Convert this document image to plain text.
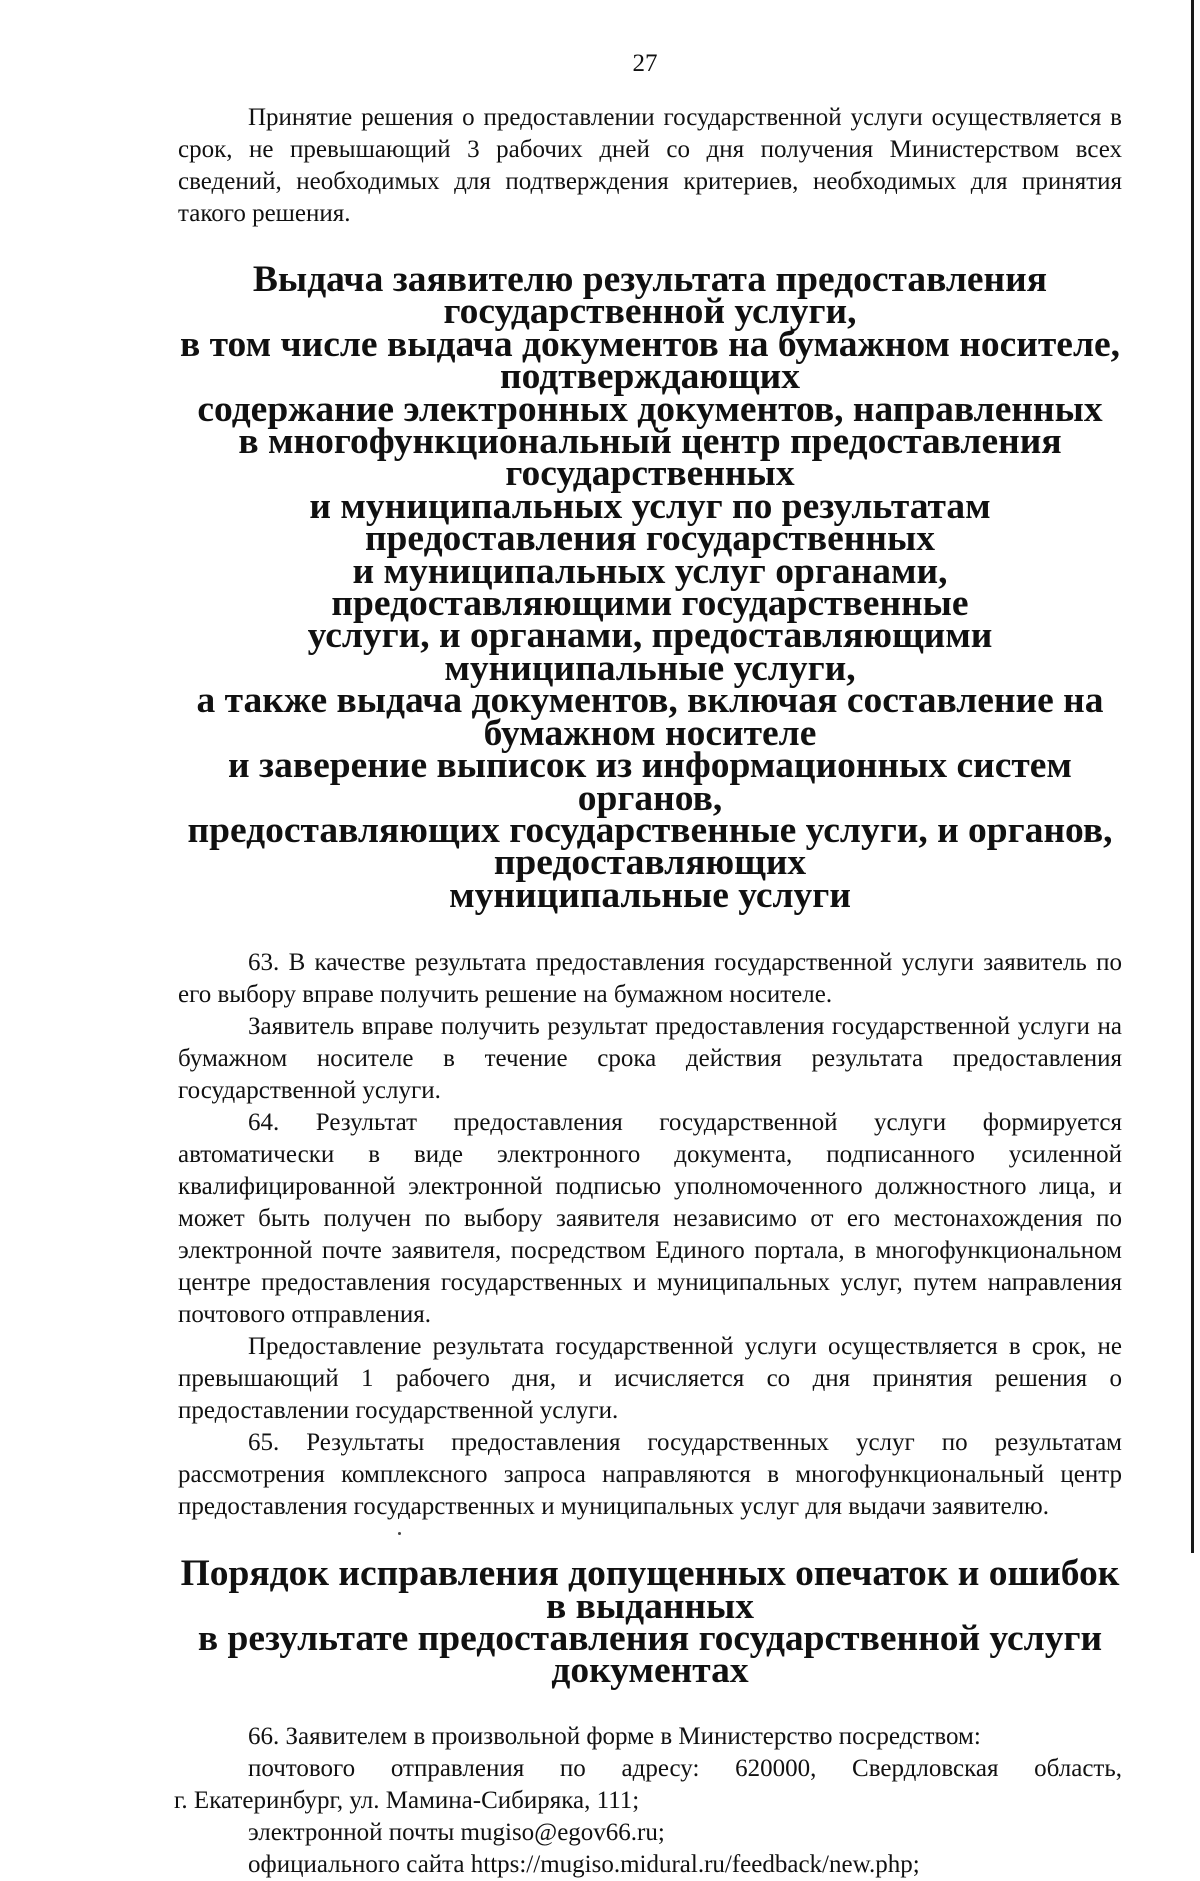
27

Принятие решения о предоставлении государственной услуги осуществляется в срок, не превышающий 3 рабочих дней со дня получения Министерством всех сведений, необходимых для подтверждения критериев, необходимых для принятия такого решения.

Выдача заявителю результата предоставления государственной услуги,
в том числе выдача документов на бумажном носителе, подтверждающих
содержание электронных документов, направленных
в многофункциональный центр предоставления государственных
и муниципальных услуг по результатам предоставления государственных
и муниципальных услуг органами, предоставляющими государственные
услуги, и органами, предоставляющими муниципальные услуги,
а также выдача документов, включая составление на бумажном носителе
и заверение выписок из информационных систем органов,
предоставляющих государственные услуги, и органов, предоставляющих
муниципальные услуги

63. В качестве результата предоставления государственной услуги заявитель по его выбору вправе получить решение на бумажном носителе.

Заявитель вправе получить результат предоставления государственной услуги на бумажном носителе в течение срока действия результата предоставления государственной услуги.

64. Результат предоставления государственной услуги формируется автоматически в виде электронного документа, подписанного усиленной квалифицированной электронной подписью уполномоченного должностного лица, и может быть получен по выбору заявителя независимо от его местонахождения по электронной почте заявителя, посредством Единого портала, в многофункциональном центре предоставления государственных и муниципальных услуг, путем направления почтового отправления.

Предоставление результата государственной услуги осуществляется в срок, не превышающий 1 рабочего дня, и исчисляется со дня принятия решения о предоставлении государственной услуги.

65. Результаты предоставления государственных услуг по результатам рассмотрения комплексного запроса направляются в многофункциональный центр предоставления государственных и муниципальных услуг для выдачи заявителю.

Порядок исправления допущенных опечаток и ошибок в выданных
в результате предоставления государственной услуги документах

66. Заявителем в произвольной форме в Министерство посредством:

почтового отправления по адресу: 620000, Свердловская область,

г. Екатеринбург, ул. Мамина-Сибиряка, 111;

электронной почты mugiso@egov66.ru;

официального сайта https://mugiso.midural.ru/feedback/new.php;
